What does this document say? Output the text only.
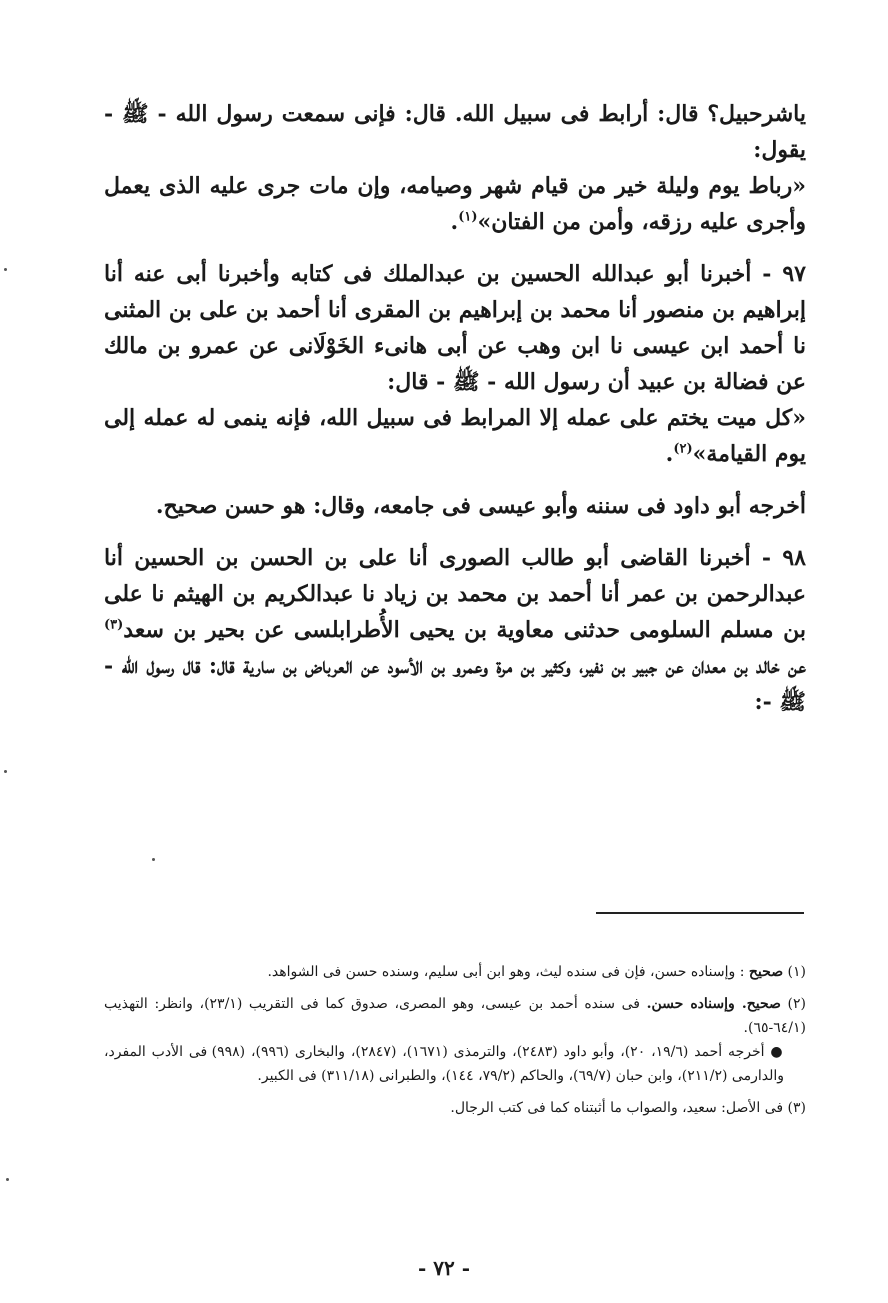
ياشرحبيل؟ قال: أرابط فى سبيل الله. قال: فإنى سمعت رسول الله - ﷺ - يقول:

«رباط يوم وليلة خير من قيام شهر وصيامه، وإن مات جرى عليه الذى يعمل وأجرى عليه رزقه، وأمن من الفتان»$^{(١)}$.

٩٧ - أخبرنا أبو عبدالله الحسين بن عبدالملك فى كتابه وأخبرنا أبى عنه أنا إبراهيم بن منصور أنا محمد بن إبراهيم بن المقرى أنا أحمد بن على بن المثنى نا أحمد ابن عيسى نا ابن وهب عن أبى هانىء الخَوْلَانى عن عمرو بن مالك عن فضالة بن عبيد أن رسول الله - ﷺ - قال:

«كل ميت يختم على عمله إلا المرابط فى سبيل الله، فإنه ينمى له عمله إلى يوم القيامة»$^{(٢)}$.

أخرجه أبو داود فى سننه وأبو عيسى فى جامعه، وقال: هو حسن صحيح.

٩٨ - أخبرنا القاضى أبو طالب الصورى أنا على بن الحسن بن الحسين أنا عبدالرحمن بن عمر أنا أحمد بن محمد بن زياد نا عبدالكريم بن الهيثم نا على بن مسلم السلومى حدثنى معاوية بن يحيى الأُطرابلسى عن بحير بن سعد$^{(٣)}$ عن خالد بن معدان عن جبير بن نفير، وكثير بن مرة وعمرو بن الأسود عن العرباض بن سارية قال: قال رسول الله - ﷺ -:

(١) صحيح : وإسناده حسن، فإن فى سنده ليث، وهو ابن أبى سليم، وسنده حسن فى الشواهد.

(٢) صحيح. وإسناده حسن. فى سنده أحمد بن عيسى، وهو المصرى، صدوق كما فى التقريب (٢٣/١)، وانظر: التهذيب (٦٤/١-٦٥).

● أخرجه أحمد (١٩/٦، ٢٠)، وأبو داود (٢٤٨٣)، والترمذى (١٦٧١)، (٢٨٤٧)، والبخارى (٩٩٦)، (٩٩٨) فى الأدب المفرد، والدارمى (٢١١/٢)، وابن حبان (٦٩/٧)، والحاكم (٧٩/٢، ١٤٤)، والطبرانى (٣١١/١٨) فى الكبير.

(٣) فى الأصل: سعيد، والصواب ما أثبتناه كما فى كتب الرجال.

- ٧٢ -
